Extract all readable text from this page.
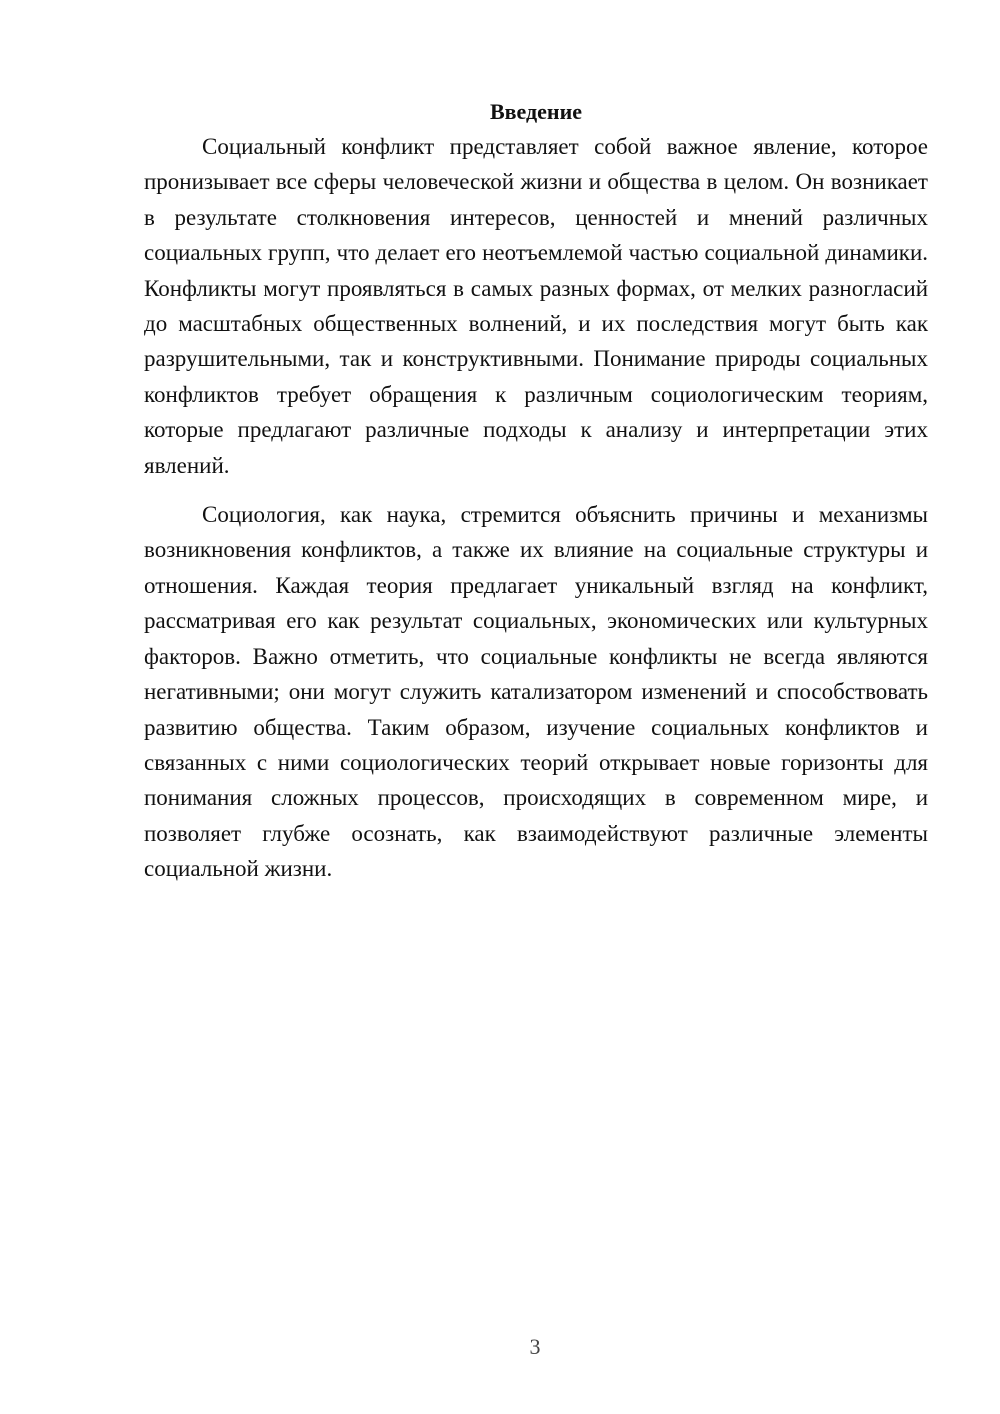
Введение

Социальный конфликт представляет собой важное явление, которое пронизывает все сферы человеческой жизни и общества в целом. Он возникает в результате столкновения интересов, ценностей и мнений различных социальных групп, что делает его неотъемлемой частью социальной динамики. Конфликты могут проявляться в самых разных формах, от мелких разногласий до масштабных общественных волнений, и их последствия могут быть как разрушительными, так и конструктивными. Понимание природы социальных конфликтов требует обращения к различным социологическим теориям, которые предлагают различные подходы к анализу и интерпретации этих явлений.

Социология, как наука, стремится объяснить причины и механизмы возникновения конфликтов, а также их влияние на социальные структуры и отношения. Каждая теория предлагает уникальный взгляд на конфликт, рассматривая его как результат социальных, экономических или культурных факторов. Важно отметить, что социальные конфликты не всегда являются негативными; они могут служить катализатором изменений и способствовать развитию общества. Таким образом, изучение социальных конфликтов и связанных с ними социологических теорий открывает новые горизонты для понимания сложных процессов, происходящих в современном мире, и позволяет глубже осознать, как взаимодействуют различные элементы социальной жизни.

3
